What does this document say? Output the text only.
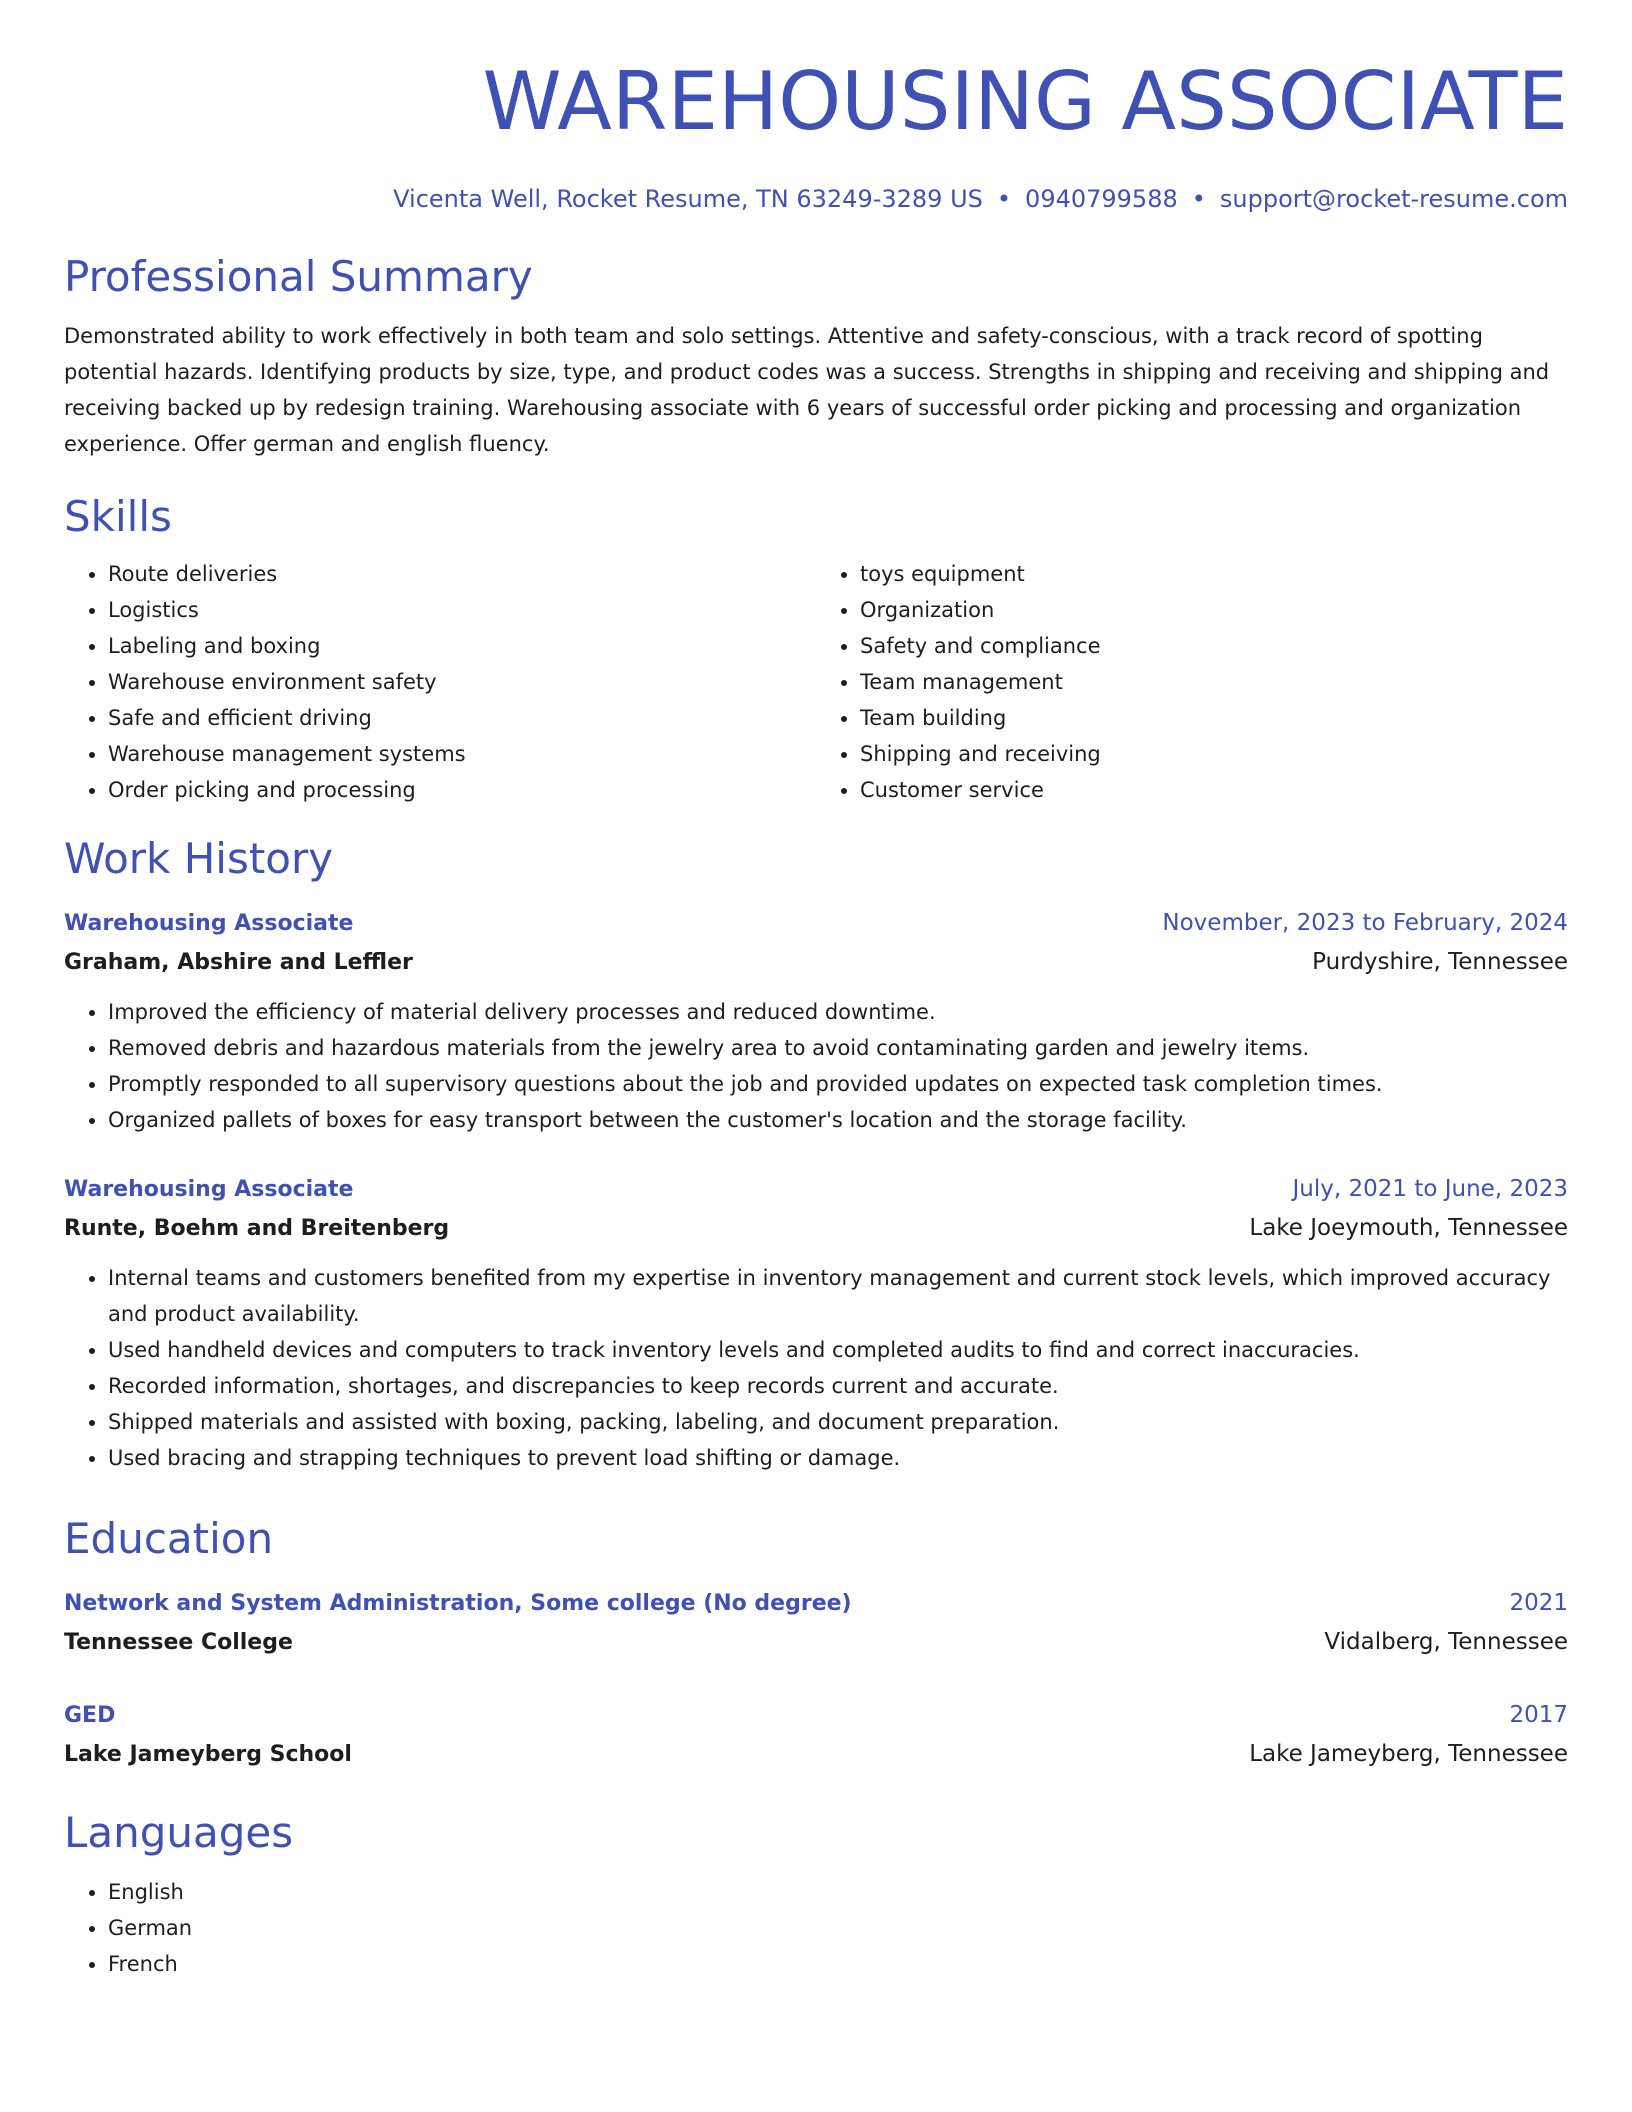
WAREHOUSING ASSOCIATE
Vicenta Well, Rocket Resume, TN 63249-3289 US • 0940799588 • support@rocket-resume.com
Professional Summary
Demonstrated ability to work effectively in both team and solo settings. Attentive and safety-conscious, with a track record of spotting potential hazards. Identifying products by size, type, and product codes was a success. Strengths in shipping and receiving and shipping and receiving backed up by redesign training. Warehousing associate with 6 years of successful order picking and processing and organization experience. Offer german and english fluency.
Skills
• Route deliveries
• Logistics
• Labeling and boxing
• Warehouse environment safety
• Safe and efficient driving
• Warehouse management systems
• Order picking and processing
• toys equipment
• Organization
• Safety and compliance
• Team management
• Team building
• Shipping and receiving
• Customer service
Work History
Warehousing Associate	November, 2023 to February, 2024
Graham, Abshire and Leffler	Purdyshire, Tennessee
• Improved the efficiency of material delivery processes and reduced downtime.
• Removed debris and hazardous materials from the jewelry area to avoid contaminating garden and jewelry items.
• Promptly responded to all supervisory questions about the job and provided updates on expected task completion times.
• Organized pallets of boxes for easy transport between the customer's location and the storage facility.
Warehousing Associate	July, 2021 to June, 2023
Runte, Boehm and Breitenberg	Lake Joeymouth, Tennessee
• Internal teams and customers benefited from my expertise in inventory management and current stock levels, which improved accuracy and product availability.
• Used handheld devices and computers to track inventory levels and completed audits to find and correct inaccuracies.
• Recorded information, shortages, and discrepancies to keep records current and accurate.
• Shipped materials and assisted with boxing, packing, labeling, and document preparation.
• Used bracing and strapping techniques to prevent load shifting or damage.
Education
Network and System Administration, Some college (No degree)	2021
Tennessee College	Vidalberg, Tennessee
GED	2017
Lake Jameyberg School	Lake Jameyberg, Tennessee
Languages
• English
• German
• French
